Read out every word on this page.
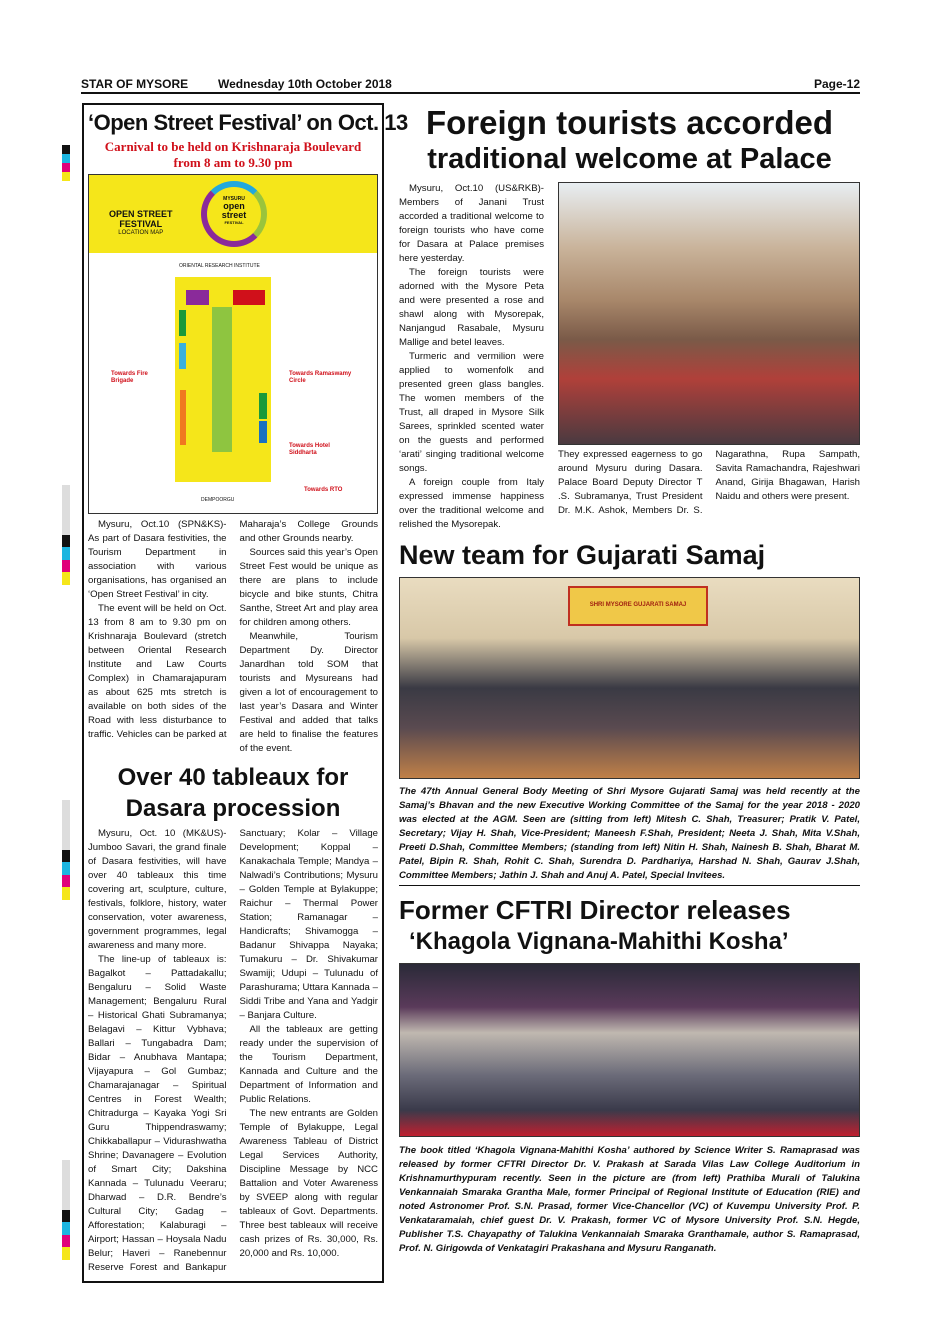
STAR OF MYSORE Wednesday 10th October 2018	Page-12
‘Open Street Festival’ on Oct. 13
Carnival to be held on Krishnaraja Boulevard
from 8 am to 9.30 pm
OPEN STREET
FESTIVAL
LOCATION MAP
MYSURU
open
street
FESTIVAL
ORIENTAL RESEARCH INSTITUTE
Towards Fire Brigade
Towards Ramaswamy Circle
Towards Hotel Siddharta
Towards RTO
DEMPOORGU

Mysuru, Oct.10 (SPN&KS)- As part of Dasara festivities, the Tourism Department in association with various organisations, has organised an ‘Open Street Festival’ in city.

The event will be held on Oct. 13 from 8 am to 9.30 pm on Krishnaraja Boulevard (stretch between Oriental Research Institute and Law Courts Complex) in Chamarajapuram as about 625 mts stretch is available on both sides of the Road with less disturbance to traffic. Vehicles can be parked at Maharaja’s College Grounds and other Grounds nearby.

Sources said this year’s Open Street Fest would be unique as there are plans to include bicycle and bike stunts, Chitra Santhe, Street Art and play area for children among others.

Meanwhile, Tourism Department Dy. Director Janardhan told SOM that tourists and Mysureans had given a lot of encouragement to last year’s Dasara and Winter Festival and added that talks are held to finalise the features of the event.

Over 40 tableaux for
Dasara procession

Mysuru, Oct. 10 (MK&US)- Jumboo Savari, the grand finale of Dasara festivities, will have over 40 tableaux this time covering art, sculpture, culture, festivals, folklore, history, water conservation, voter awareness, government programmes, legal awareness and many more.

The line-up of tableaux is: Bagalkot – Pattadakallu; Bengaluru – Solid Waste Management; Bengaluru Rural – Historical Ghati Subramanya; Belagavi – Kittur Vybhava; Ballari – Tungabadra Dam; Bidar – Anubhava Mantapa; Vijayapura – Gol Gumbaz; Chamarajanagar – Spiritual Centres in Forest Wealth; Chitradurga – Kayaka Yogi Sri Guru Thippendraswamy; Chikkaballapur – Vidurashwatha Shrine; Davanagere – Evolution of Smart City; Dakshina Kannada – Tulunadu Veeraru; Dharwad – D.R. Bendre’s Cultural City; Gadag – Afforestation; Kalaburagi – Airport; Hassan – Hoysala Nadu Belur; Haveri – Ranebennur Reserve Forest and Bankapur Sanctuary; Kolar – Village Development; Koppal – Kanakachala Temple; Mandya – Nalwadi’s Contributions; Mysuru – Golden Temple at Bylakuppe; Raichur – Thermal Power Station; Ramanagar – Handicrafts; Shivamogga – Badanur Shivappa Nayaka; Tumakuru – Dr. Shivakumar Swamiji; Udupi – Tulunadu of Parashurama; Uttara Kannada – Siddi Tribe and Yana and Yadgir – Banjara Culture.

All the tableaux are getting ready under the supervision of the Tourism Department, Kannada and Culture and the Department of Information and Public Relations.

The new entrants are Golden Temple of Bylakuppe, Legal Awareness Tableau of District Legal Services Authority, Discipline Message by NCC Battalion and Voter Awareness by SVEEP along with regular tableaux of Govt. Departments. Three best tableaux will receive cash prizes of Rs. 30,000, Rs. 20,000 and Rs. 10,000.

Foreign tourists accorded
traditional welcome at Palace

Mysuru, Oct.10 (US&RKB)- Members of Janani Trust accorded a traditional welcome to foreign tourists who have come for Dasara at Palace premises here yesterday.

The foreign tourists were adorned with the Mysore Peta and were presented a rose and shawl along with Mysorepak, Nanjangud Rasabale, Mysuru Mallige and betel leaves.

Turmeric and vermilion were applied to womenfolk and presented green glass bangles. The women members of the Trust, all draped in Mysore Silk Sarees, sprinkled scented water on the guests and performed ‘arati’ singing traditional welcome songs.

A foreign couple from Italy expressed immense happiness over the traditional welcome and relished the Mysorepak.

They expressed eagerness to go around Mysuru during Dasara. Palace Board Deputy Director T .S. Subramanya, Trust President Dr. M.K. Ashok, Members Dr. S. Nagarathna, Rupa Sampath, Savita Ramachandra, Rajeshwari Anand, Girija Bhagawan, Harish Naidu and others were present.

New team for Gujarati Samaj
SHRI MYSORE GUJARATI SAMAJ
The 47th Annual General Body Meeting of Shri Mysore Gujarati Samaj was held recently at the Samaj’s Bhavan and the new Executive Working Committee of the Samaj for the year 2018 - 2020 was elected at the AGM. Seen are (sitting from left) Mitesh C. Shah, Treasurer; Pratik V. Patel, Secretary; Vijay H. Shah, Vice-President; Maneesh F.Shah, President; Neeta J. Shah, Mita V.Shah, Preeti D.Shah, Committee Members; (standing from left) Nitin H. Shah, Nainesh B. Shah, Bharat M. Patel, Bipin R. Shah, Rohit C. Shah, Surendra D. Pardhariya, Harshad N. Shah, Gaurav J.Shah, Committee Members; Jathin J. Shah and Anuj A. Patel, Special Invitees.
Former CFTRI Director releases
‘Khagola Vignana-Mahithi Kosha’
The book titled ‘Khagola Vignana-Mahithi Kosha’ authored by Science Writer S. Ramaprasad was released by former CFTRI Director Dr. V. Prakash at Sarada Vilas Law College Auditorium in Krishnamurthypuram recently. Seen in the picture are (from left) Prathiba Murali of Talukina Venkannaiah Smaraka Grantha Male, former Principal of Regional Institute of Education (RIE) and noted Astronomer Prof. S.N. Prasad, former Vice-Chancellor (VC) of Kuvempu University Prof. P. Venkataramaiah, chief guest Dr. V. Prakash, former VC of Mysore University Prof. S.N. Hegde, Publisher T.S. Chayapathy of Talukina Venkannaiah Smaraka Granthamale, author S. Ramaprasad, Prof. N. Girigowda of Venkatagiri Prakashana and Mysuru Ranganath.
